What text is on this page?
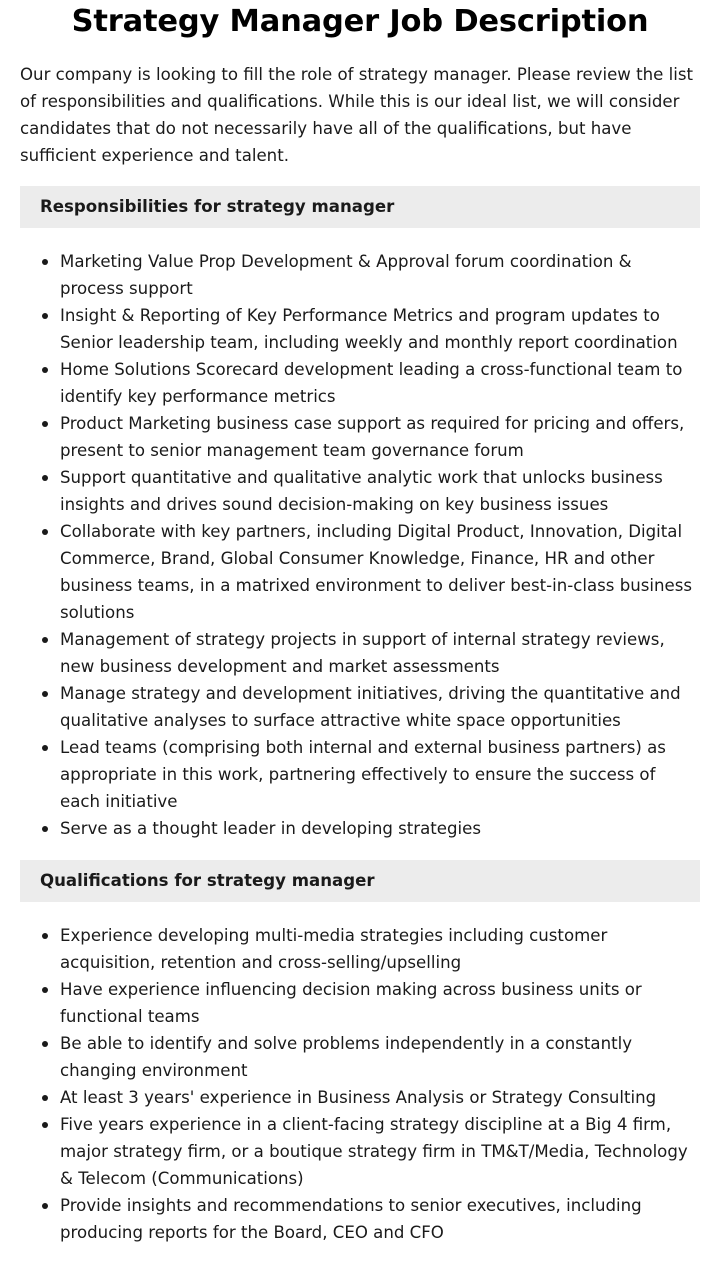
Strategy Manager Job Description

Our company is looking to fill the role of strategy manager. Please review the list of responsibilities and qualifications. While this is our ideal list, we will consider candidates that do not necessarily have all of the qualifications, but have sufficient experience and talent.

Responsibilities for strategy manager
Marketing Value Prop Development & Approval forum coordination & process support
Insight & Reporting of Key Performance Metrics and program updates to Senior leadership team, including weekly and monthly report coordination
Home Solutions Scorecard development leading a cross-functional team to identify key performance metrics
Product Marketing business case support as required for pricing and offers, present to senior management team governance forum
Support quantitative and qualitative analytic work that unlocks business insights and drives sound decision-making on key business issues
Collaborate with key partners, including Digital Product, Innovation, Digital Commerce, Brand, Global Consumer Knowledge, Finance, HR and other business teams, in a matrixed environment to deliver best-in-class business solutions
Management of strategy projects in support of internal strategy reviews, new business development and market assessments
Manage strategy and development initiatives, driving the quantitative and qualitative analyses to surface attractive white space opportunities
Lead teams (comprising both internal and external business partners) as appropriate in this work, partnering effectively to ensure the success of each initiative
Serve as a thought leader in developing strategies
Qualifications for strategy manager
Experience developing multi-media strategies including customer acquisition, retention and cross-selling/upselling
Have experience influencing decision making across business units or functional teams
Be able to identify and solve problems independently in a constantly changing environment
At least 3 years' experience in Business Analysis or Strategy Consulting
Five years experience in a client-facing strategy discipline at a Big 4 firm, major strategy firm, or a boutique strategy firm in TM&T/Media, Technology & Telecom (Communications)
Provide insights and recommendations to senior executives, including producing reports for the Board, CEO and CFO
